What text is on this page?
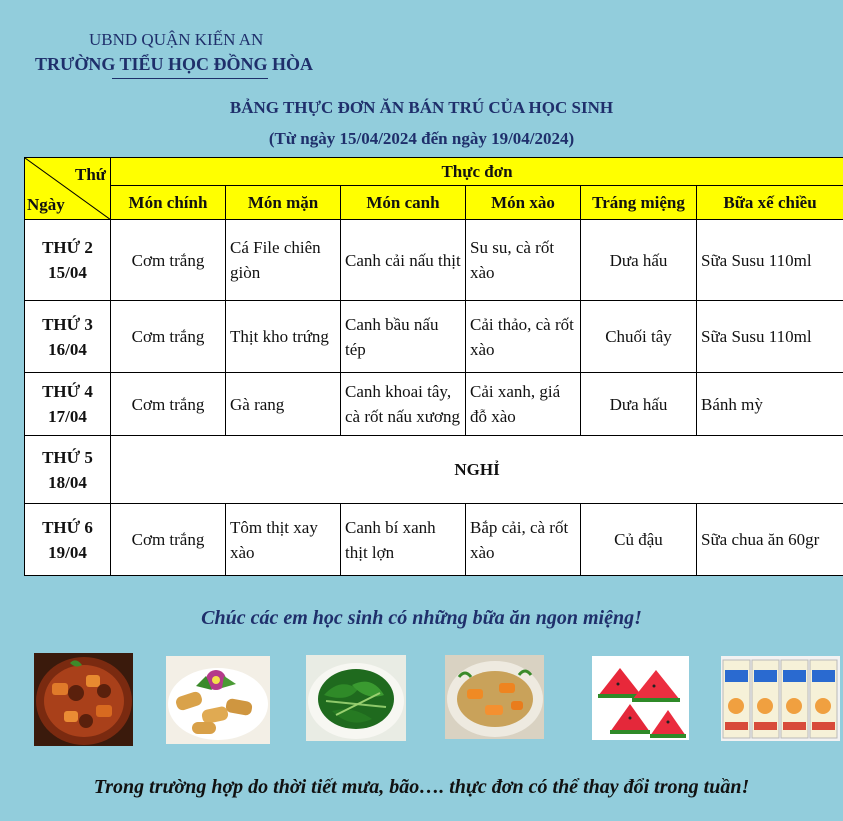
UBND QUẬN KIẾN AN
TRƯỜNG TIỂU HỌC ĐỒNG HÒA
BẢNG THỰC ĐƠN ĂN BÁN TRÚ CỦA HỌC SINH
(Từ ngày 15/04/2024 đến ngày 19/04/2024)
Thứ
Ngày	Thực đơn					
	Món chính	Món mặn	Món canh	Món xào	Tráng miệng	Bữa xế chiều
THỨ 2
15/04	Cơm trắng	Cá File chiên giòn	Canh cải nấu thịt	Su su, cà rốt xào	Dưa hấu	Sữa Susu 110ml
THỨ 3
16/04	Cơm trắng	Thịt kho trứng	Canh bầu nấu tép	Cải thảo, cà rốt xào	Chuối tây	Sữa Susu 110ml
THỨ 4
17/04	Cơm trắng	Gà rang	Canh khoai tây, cà rốt nấu xương	Cải xanh, giá đỗ xào	Dưa hấu	Bánh mỳ
THỨ 5
18/04	NGHỈ					
THỨ 6
19/04	Cơm trắng	Tôm thịt xay xào	Canh bí xanh thịt lợn	Bắp cải, cà rốt xào	Củ đậu	Sữa chua ăn 60gr
Chúc các em học sinh có những bữa ăn ngon miệng!
Trong trường hợp do thời tiết mưa, bão…. thực đơn có thể thay đổi trong tuần!
